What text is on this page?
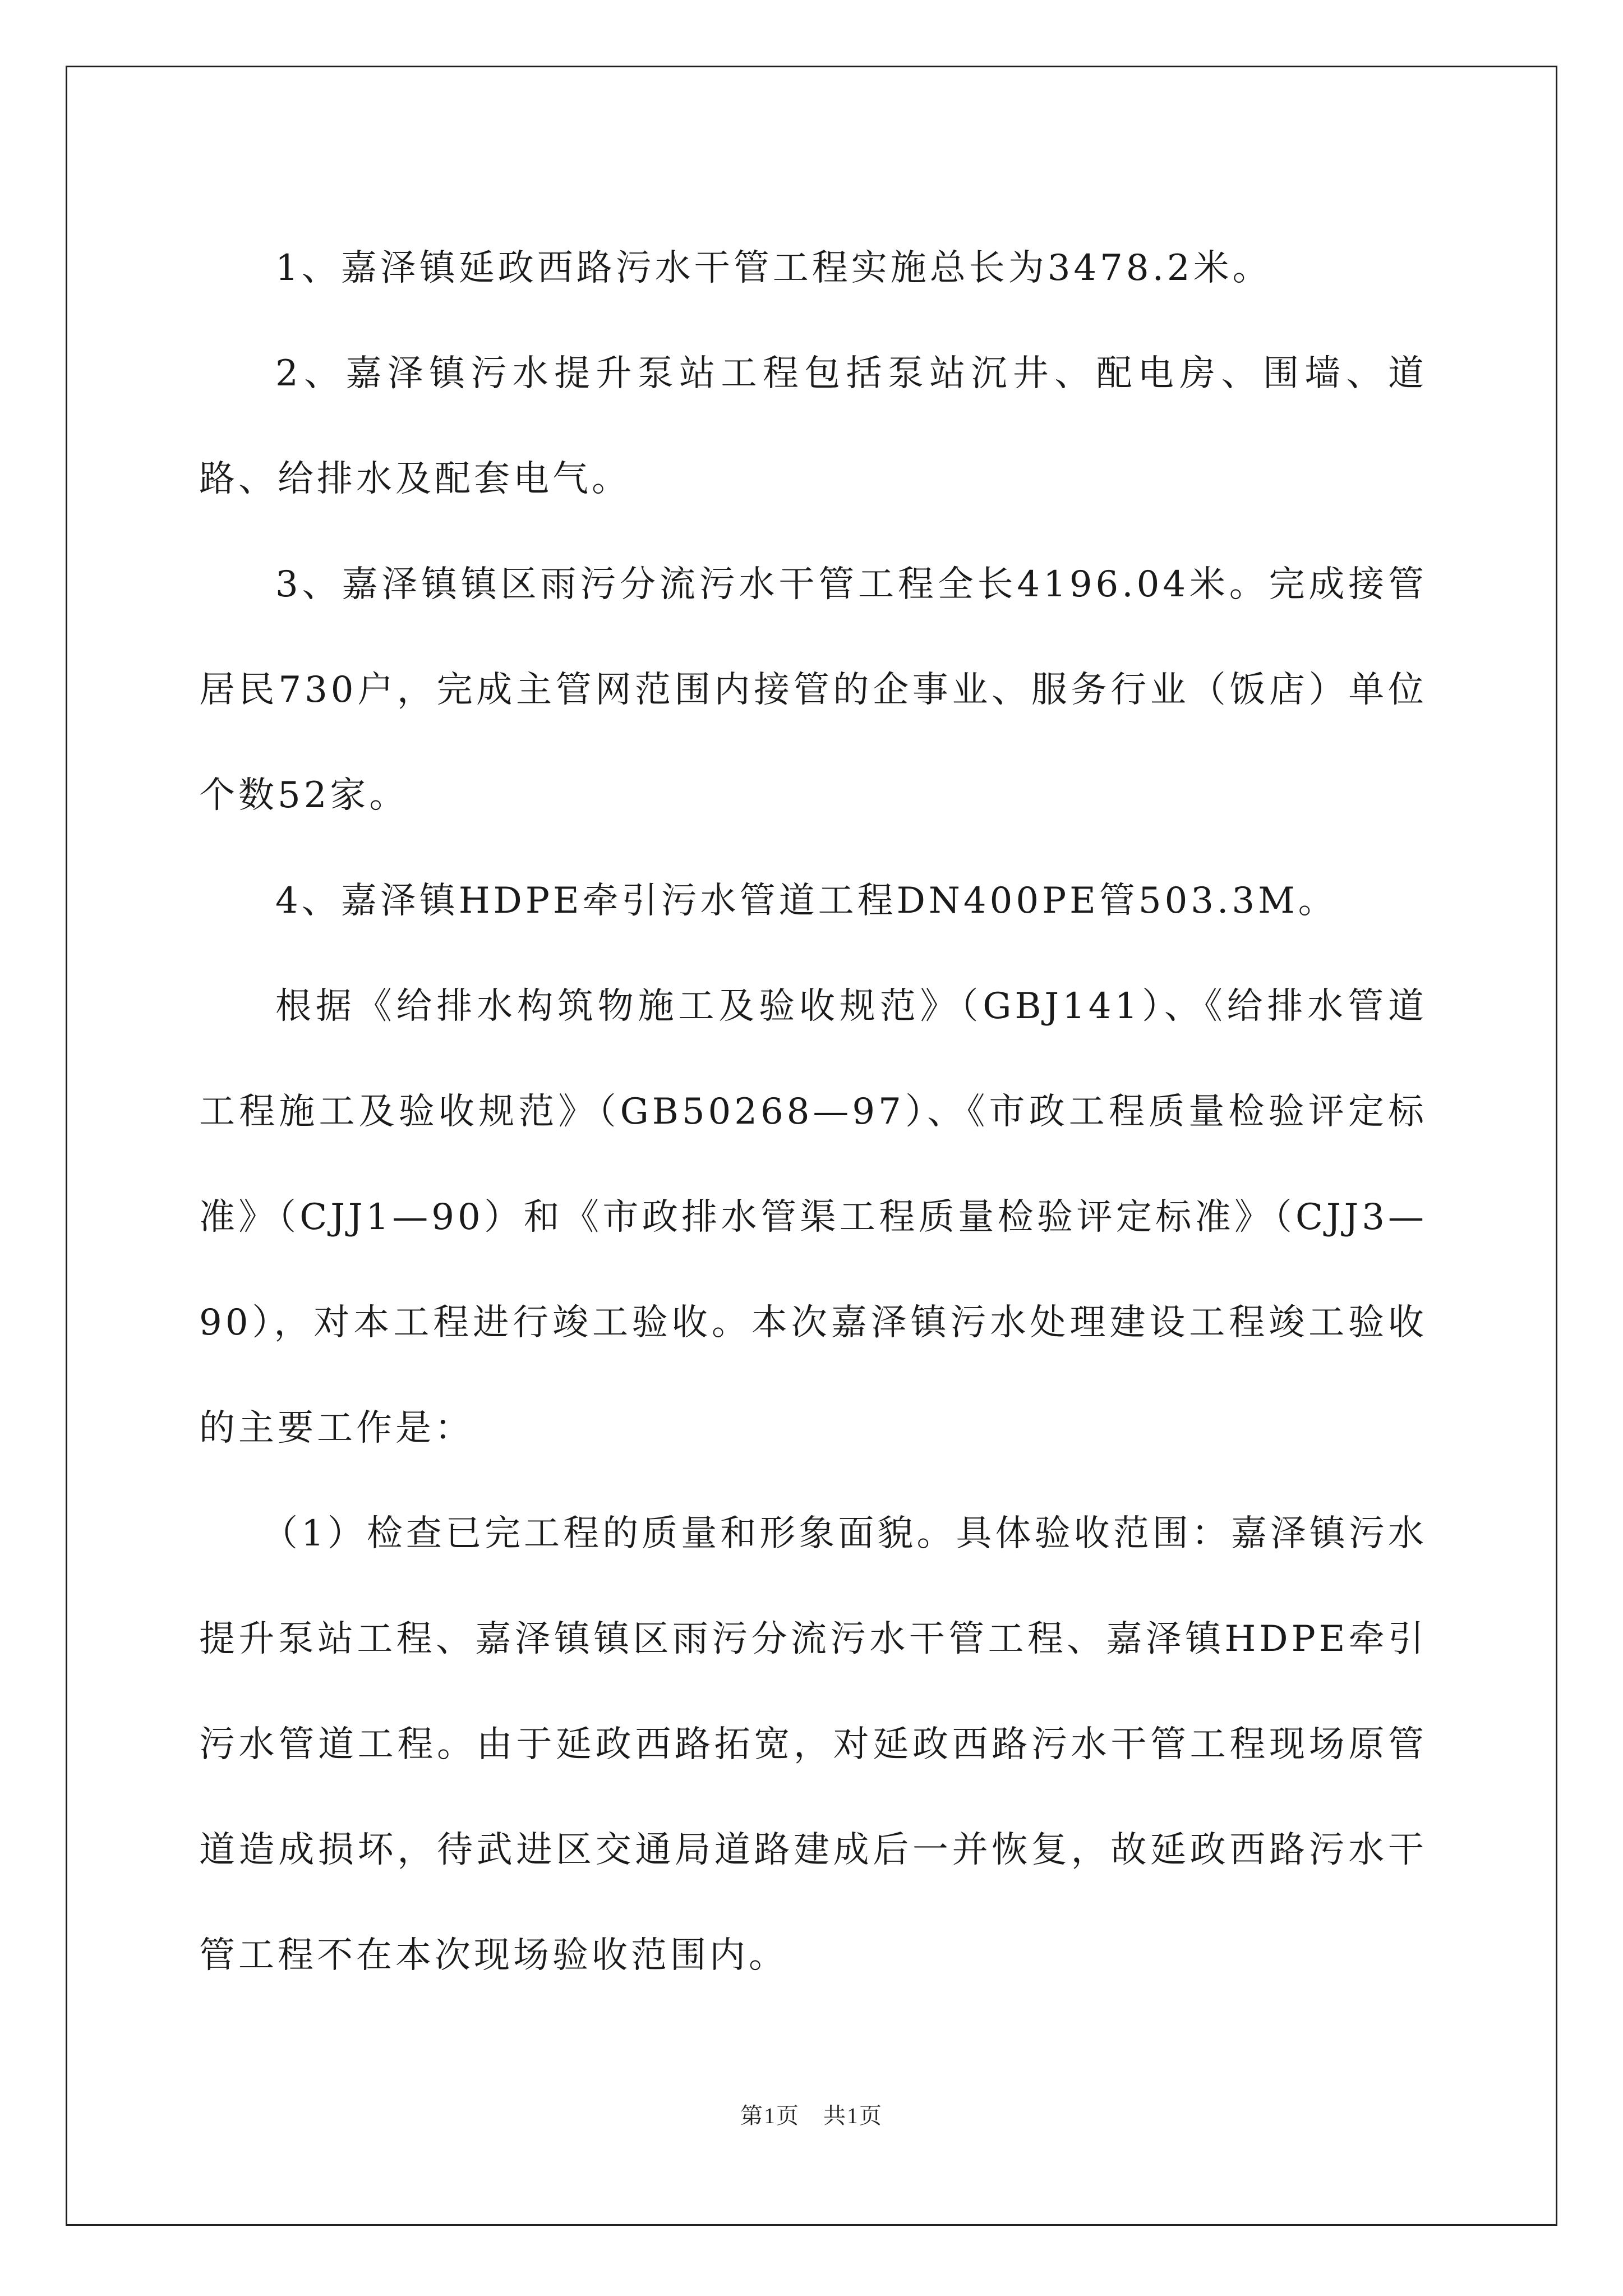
1、嘉泽镇延政西路污水干管工程实施总长为3478.2米。

2、嘉泽镇污水提升泵站工程包括泵站沉井、配电房、围墙、道路、给排水及配套电气。

3、嘉泽镇镇区雨污分流污水干管工程全长4196.04米。完成接管居民730户，完成主管网范围内接管的企事业、服务行业（饭店）单位个数52家。

4、嘉泽镇HDPE牵引污水管道工程DN400PE管503.3M。

根据《给排水构筑物施工及验收规范》（GBJ141）、《给排水管道工程施工及验收规范》（GB50268—97）、《市政工程质量检验评定标准》（CJJ1—90）和《市政排水管渠工程质量检验评定标准》（CJJ3—90），对本工程进行竣工验收。本次嘉泽镇污水处理建设工程竣工验收的主要工作是：

（1）检查已完工程的质量和形象面貌。具体验收范围：嘉泽镇污水提升泵站工程、嘉泽镇镇区雨污分流污水干管工程、嘉泽镇HDPE牵引污水管道工程。由于延政西路拓宽，对延政西路污水干管工程现场原管道造成损坏，待武进区交通局道路建成后一并恢复，故延政西路污水干管工程不在本次现场验收范围内。

第1页　共1页
